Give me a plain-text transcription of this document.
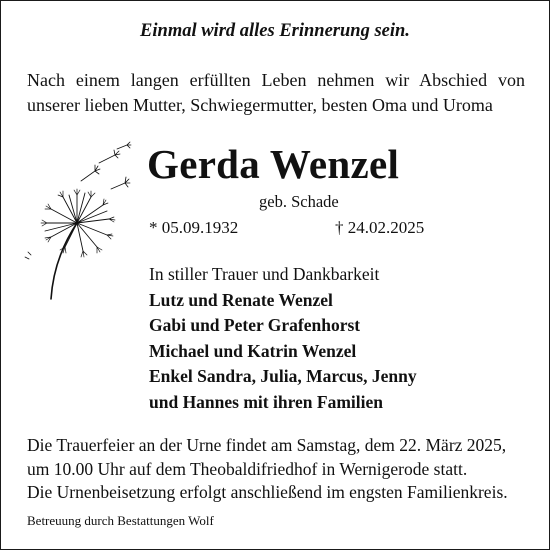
Einmal wird alles Erinnerung sein.
Nach einem langen erfüllten Leben nehmen wir Abschied von unserer lieben Mutter, Schwiegermutter, besten Oma und Uroma
Gerda Wenzel
geb. Schade
* 05.09.1932	† 24.02.2025
In stiller Trauer und Dankbarkeit
Lutz und Renate Wenzel
Gabi und Peter Grafenhorst
Michael und Katrin Wenzel
Enkel Sandra, Julia, Marcus, Jenny
und Hannes mit ihren Familien
Die Trauerfeier an der Urne findet am Samstag, dem 22. März 2025,
um 10.00 Uhr auf dem Theobaldifriedhof in Wernigerode statt.
Die Urnenbeisetzung erfolgt anschließend im engsten Familienkreis.
Betreuung durch Bestattungen Wolf
